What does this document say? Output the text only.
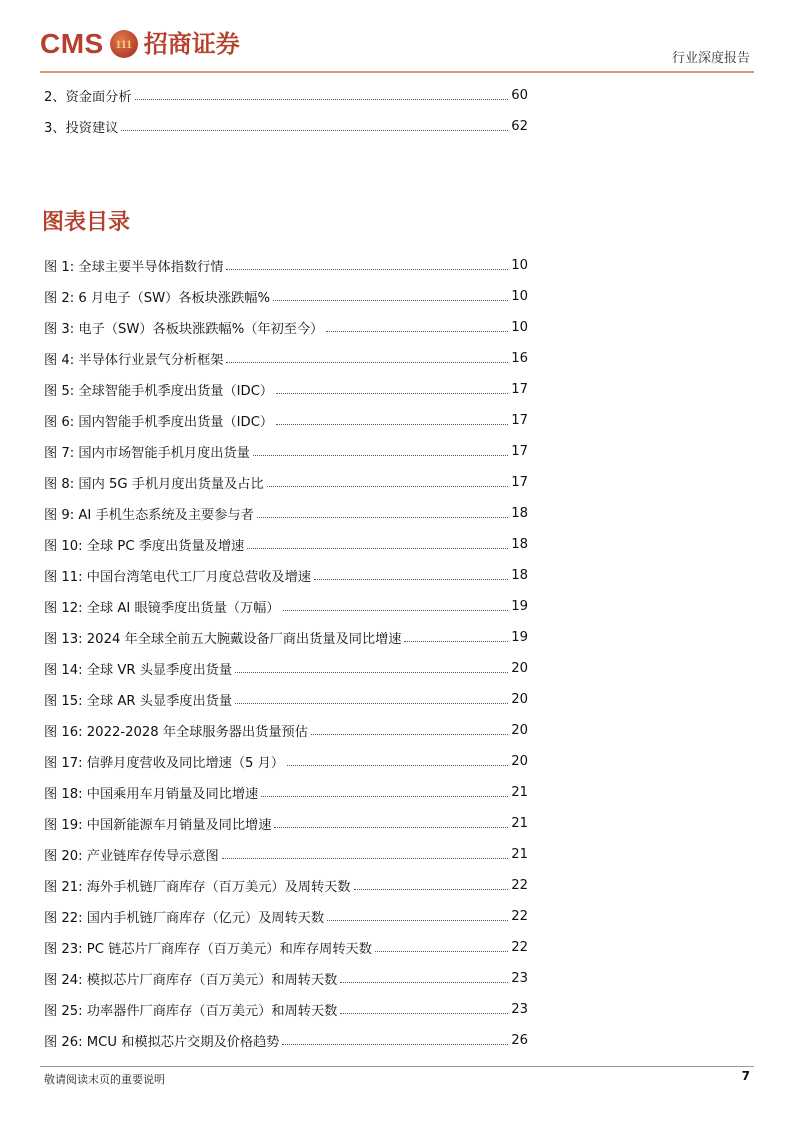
CMS 111 招商证券
行业深度报告
2、资金面分析	60
3、投资建议	62
图表目录
图 1: 全球主要半导体指数行情	10
图 2: 6 月电子（SW）各板块涨跌幅%	10
图 3: 电子（SW）各板块涨跌幅%（年初至今）	10
图 4: 半导体行业景气分析框架	16
图 5: 全球智能手机季度出货量（IDC）	17
图 6: 国内智能手机季度出货量（IDC）	17
图 7: 国内市场智能手机月度出货量	17
图 8: 国内 5G 手机月度出货量及占比	17
图 9: AI 手机生态系统及主要参与者	18
图 10: 全球 PC 季度出货量及增速	18
图 11: 中国台湾笔电代工厂月度总营收及增速	18
图 12: 全球 AI 眼镜季度出货量（万幅）	19
图 13: 2024 年全球全前五大腕戴设备厂商出货量及同比增速	19
图 14: 全球 VR 头显季度出货量	20
图 15: 全球 AR 头显季度出货量	20
图 16: 2022-2028 年全球服务器出货量预估	20
图 17: 信骅月度营收及同比增速（5 月）	20
图 18: 中国乘用车月销量及同比增速	21
图 19: 中国新能源车月销量及同比增速	21
图 20: 产业链库存传导示意图	21
图 21: 海外手机链厂商库存（百万美元）及周转天数	22
图 22: 国内手机链厂商库存（亿元）及周转天数	22
图 23: PC 链芯片厂商库存（百万美元）和库存周转天数	22
图 24: 模拟芯片厂商库存（百万美元）和周转天数	23
图 25: 功率器件厂商库存（百万美元）和周转天数	23
图 26: MCU 和模拟芯片交期及价格趋势	26
敬请阅读末页的重要说明	7
